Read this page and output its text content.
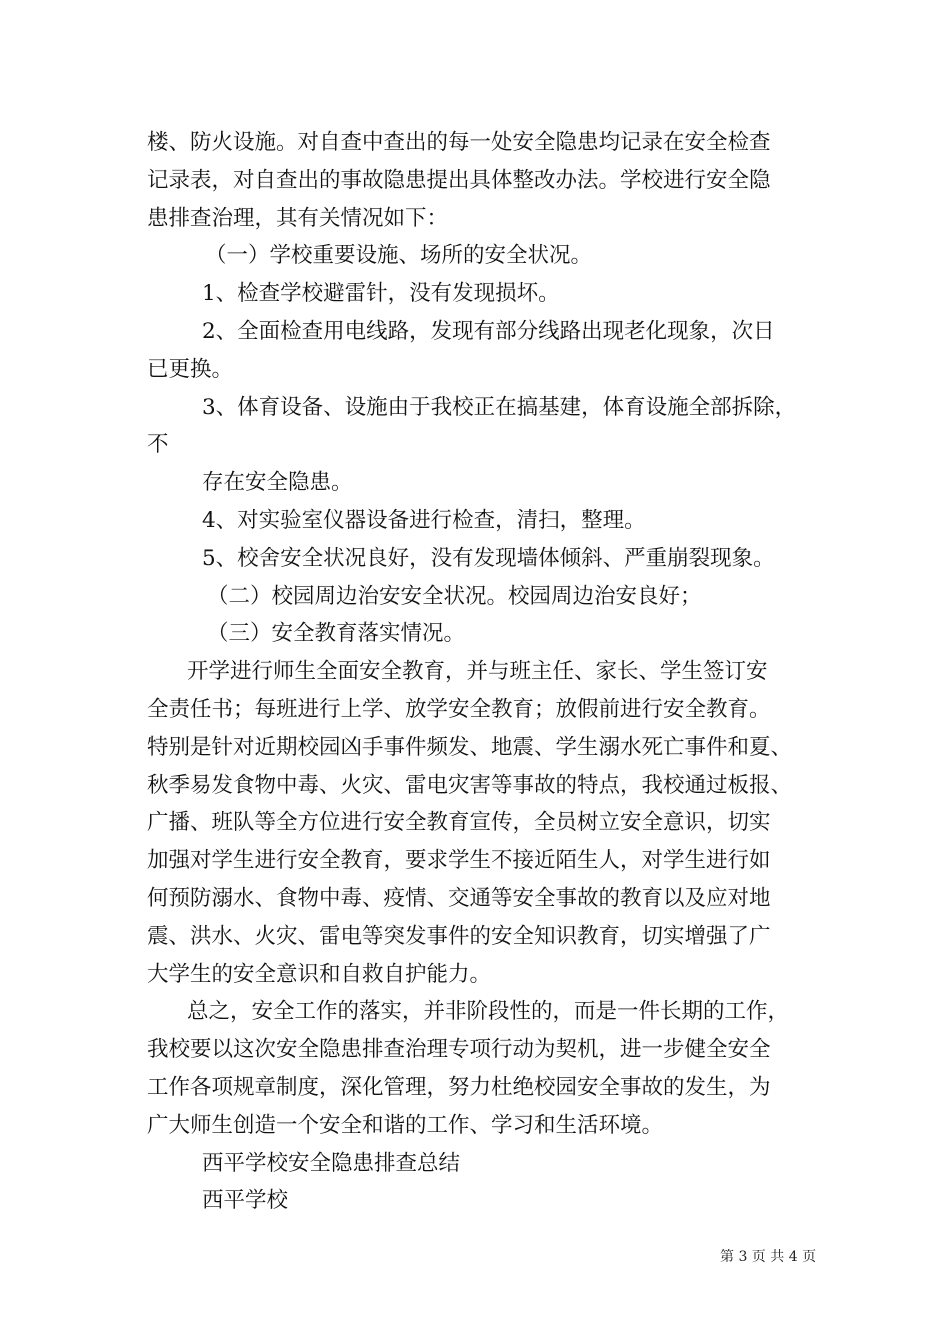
楼、防火设施。对自查中查出的每一处安全隐患均记录在安全检查
记录表，对自查出的事故隐患提出具体整改办法。学校进行安全隐
患排查治理，其有关情况如下：
（一）学校重要设施、场所的安全状况。
1、检查学校避雷针，没有发现损坏。
2、全面检查用电线路，发现有部分线路出现老化现象，次日
已更换。
3、体育设备、设施由于我校正在搞基建，体育设施全部拆除，
不
存在安全隐患。
4、对实验室仪器设备进行检查，清扫，整理。
5、校舍安全状况良好，没有发现墙体倾斜、严重崩裂现象。
（二）校园周边治安安全状况。校园周边治安良好；
（三）安全教育落实情况。
开学进行师生全面安全教育，并与班主任、家长、学生签订安
全责任书；每班进行上学、放学安全教育；放假前进行安全教育。
特别是针对近期校园凶手事件频发、地震、学生溺水死亡事件和夏、
秋季易发食物中毒、火灾、雷电灾害等事故的特点，我校通过板报、
广播、班队等全方位进行安全教育宣传，全员树立安全意识，切实
加强对学生进行安全教育，要求学生不接近陌生人，对学生进行如
何预防溺水、食物中毒、疫情、交通等安全事故的教育以及应对地
震、洪水、火灾、雷电等突发事件的安全知识教育，切实增强了广
大学生的安全意识和自救自护能力。
总之，安全工作的落实，并非阶段性的，而是一件长期的工作，
我校要以这次安全隐患排查治理专项行动为契机，进一步健全安全
工作各项规章制度，深化管理，努力杜绝校园安全事故的发生，为
广大师生创造一个安全和谐的工作、学习和生活环境。
西平学校安全隐患排查总结
西平学校
第 3 页 共 4 页
